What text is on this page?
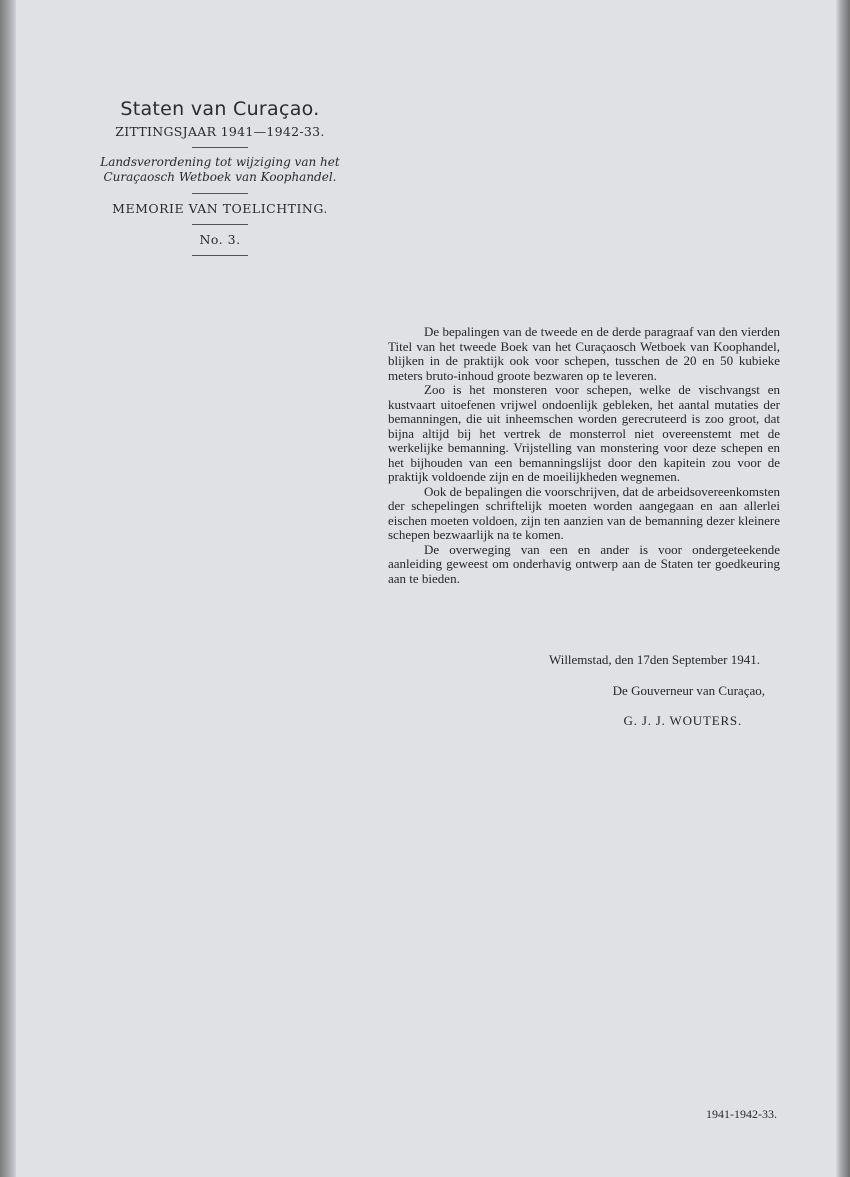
Staten van Curaçao.
ZITTINGSJAAR 1941—1942-33.
Landsverordening tot wijziging van het Curaçaosch Wetboek van Koophandel.
MEMORIE VAN TOELICHTING.
No. 3.

De bepalingen van de tweede en de derde paragraaf van den vierden Titel van het tweede Boek van het Curaçaosch Wetboek van Koophandel, blijken in de praktijk ook voor schepen, tusschen de 20 en 50 kubieke meters bruto-inhoud groote bezwaren op te leveren.

Zoo is het monsteren voor schepen, welke de vischvangst en kustvaart uitoefenen vrijwel ondoenlijk gebleken, het aantal mutaties der bemanningen, die uit inheemschen worden gerecruteerd is zoo groot, dat bijna altijd bij het vertrek de monsterrol niet overeenstemt met de werkelijke bemanning. Vrijstelling van monstering voor deze schepen en het bijhouden van een bemanningslijst door den kapitein zou voor de praktijk voldoende zijn en de moeilijkheden wegnemen.

Ook de bepalingen die voorschrijven, dat de arbeidsovereenkomsten der schepelingen schriftelijk moeten worden aangegaan en aan allerlei eischen moeten voldoen, zijn ten aanzien van de bemanning dezer kleinere schepen bezwaarlijk na te komen.

De overweging van een en ander is voor ondergeteekende aanleiding geweest om onderhavig ontwerp aan de Staten ter goedkeuring aan te bieden.

Willemstad, den 17den September 1941.
De Gouverneur van Curaçao,
G. J. J. WOUTERS.
1941-1942-33.
